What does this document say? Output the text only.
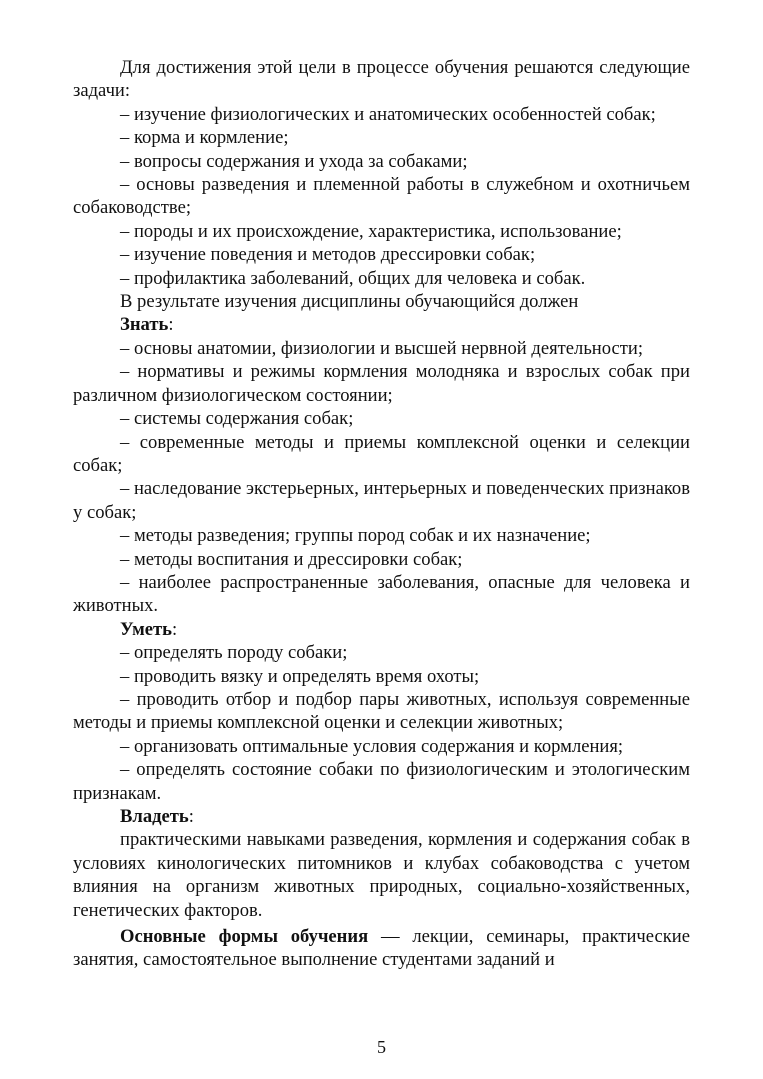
Для достижения этой цели в процессе обучения решаются следующие задачи:

– изучение физиологических и анатомических особенностей собак;

– корма и кормление;

– вопросы содержания и ухода за собаками;

– основы разведения и племенной работы в служебном и охотничьем собаководстве;

– породы и их происхождение, характеристика, использование;

– изучение поведения и методов дрессировки собак;

– профилактика заболеваний, общих для человека и собак.

В результате изучения дисциплины обучающийся должен

Знать:

– основы анатомии, физиологии и высшей нервной деятельности;

– нормативы и режимы кормления молодняка и взрослых собак при различном физиологическом состоянии;

– системы содержания собак;

– современные методы и приемы комплексной оценки и селекции собак;

– наследование экстерьерных, интерьерных и поведенческих признаков у собак;

– методы разведения; группы пород собак и их назначение;

– методы воспитания и дрессировки собак;

– наиболее распространенные заболевания, опасные для человека и животных.

Уметь:

– определять породу собаки;

– проводить вязку и определять время охоты;

– проводить отбор и подбор пары животных, используя современные методы и приемы комплексной оценки и селекции животных;

– организовать оптимальные условия содержания и кормления;

– определять состояние собаки по физиологическим и этологическим признакам.

Владеть:

практическими навыками разведения, кормления и содержания собак в условиях кинологических питомников и клубах собаководства с учетом влияния на организм животных природных, социально-хозяйственных, генетических факторов.

Основные формы обучения — лекции, семинары, практические занятия, самостоятельное выполнение студентами заданий и

5
